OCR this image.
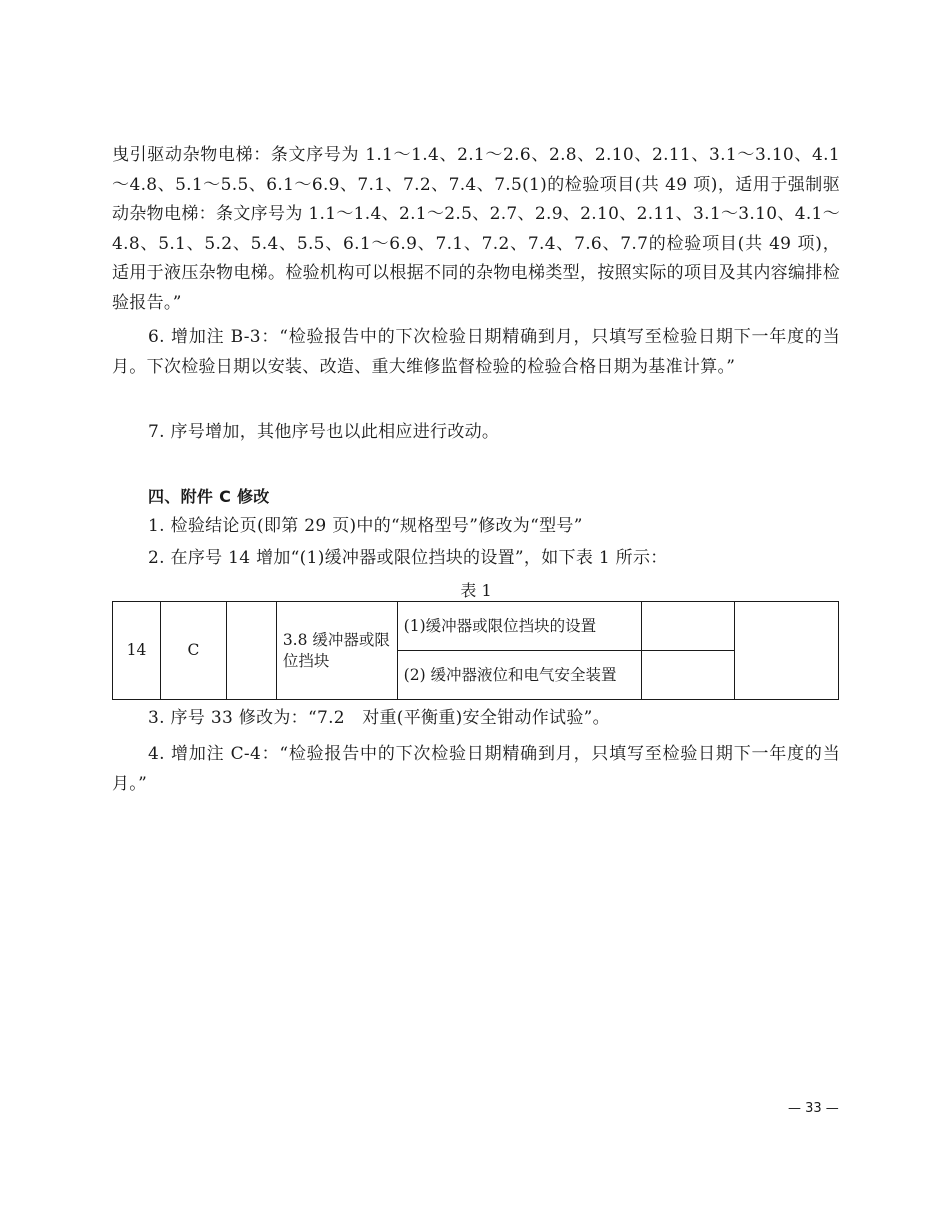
曳引驱动杂物电梯：条文序号为 1.1～1.4、2.1～2.6、2.8、2.10、2.11、3.1～3.10、4.1～4.8、5.1～5.5、6.1～6.9、7.1、7.2、7.4、7.5(1)的检验项目(共 49 项)，适用于强制驱动杂物电梯：条文序号为 1.1～1.4、2.1～2.5、2.7、2.9、2.10、2.11、3.1～3.10、4.1～4.8、5.1、5.2、5.4、5.5、6.1～6.9、7.1、7.2、7.4、7.6、7.7的检验项目(共 49 项)，适用于液压杂物电梯。检验机构可以根据不同的杂物电梯类型，按照实际的项目及其内容编排检验报告。”

6. 增加注 B-3：“检验报告中的下次检验日期精确到月，只填写至检验日期下一年度的当月。下次检验日期以安装、改造、重大维修监督检验的检验合格日期为基准计算。”

7. 序号增加，其他序号也以此相应进行改动。

四、附件 C 修改

1. 检验结论页(即第 29 页)中的“规格型号”修改为“型号”

2. 在序号 14 增加“(1)缓冲器或限位挡块的设置”，如下表 1 所示：

表 1
14	C		3.8 缓冲器或限位挡块	(1)缓冲器或限位挡块的设置		
				(2) 缓冲器液位和电气安全装置		

3. 序号 33 修改为：“7.2　对重(平衡重)安全钳动作试验”。

4. 增加注 C-4：“检验报告中的下次检验日期精确到月，只填写至检验日期下一年度的当月。”

— 33 —
